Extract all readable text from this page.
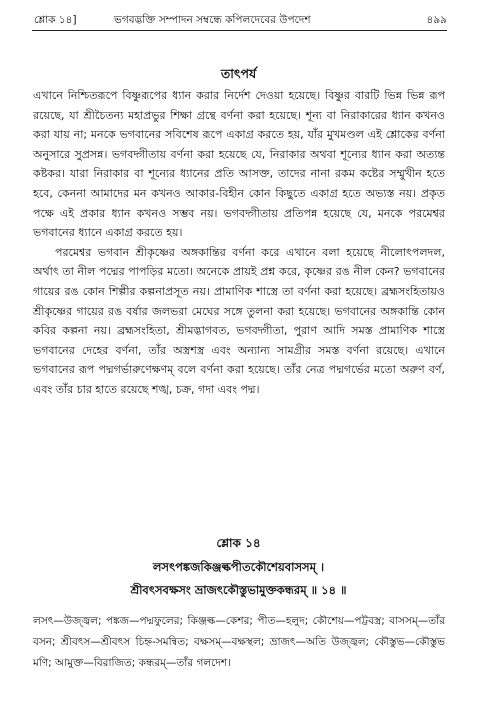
শ্লোক ১৪]	ভগবদ্ভক্তি সম্পাদন সম্বন্ধে কপিলদেবের উপদেশ	৪৯৯
তাৎপর্য

এখানে নিশ্চিতরূপে বিষ্ণুরূপের ধ্যান করার নির্দেশ দেওয়া হয়েছে। বিষ্ণুর বারটি ভিন্ন ভিন্ন রূপ রয়েছে, যা শ্রীচৈতন্য মহাপ্রভুর শিক্ষা গ্রন্থে বর্ণনা করা হয়েছে। শূন্য বা নিরাকারের ধ্যান কখনও করা যায় না; মনকে ভগবানের সবিশেষ রূপে একাগ্র করতে হয়, যাঁর মুখমণ্ডল এই শ্লোকের বর্ণনা অনুসারে সুপ্রসন্ন। ভগবদ্গীতায় বর্ণনা করা হয়েছে যে, নিরাকার অথবা শূন্যের ধ্যান করা অত্যন্ত কষ্টকর। যারা নিরাকার বা শূন্যের ধ্যানের প্রতি আসক্ত, তাদের নানা রকম কষ্টের সম্মুখীন হতে হবে, কেননা আমাদের মন কখনও আকার-বিহীন কোন কিছুতে একাগ্র হতে অভ্যস্ত নয়। প্রকৃত পক্ষে এই প্রকার ধ্যান কখনও সম্ভব নয়। ভগবদ্গীতায় প্রতিপন্ন হয়েছে যে, মনকে পরমেশ্বর ভগবানের ধ্যানে একাগ্র করতে হয়।

পরমেশ্বর ভগবান শ্রীকৃষ্ণের অঙ্গকান্তির বর্ণনা করে এখানে বলা হয়েছে নীলোৎপলদল, অর্থাৎ তা নীল পদ্মের পাপড়ির মতো। অনেকে প্রায়ই প্রশ্ন করে, কৃষ্ণের রঙ নীল কেন? ভগবানের গায়ের রঙ কোন শিল্পীর কল্পনাপ্রসূত নয়। প্রামাণিক শাস্ত্রে তা বর্ণনা করা হয়েছে। ব্রহ্মসংহিতায়ও শ্রীকৃষ্ণের গায়ের রঙ বর্ষার জলভরা মেঘের সঙ্গে তুলনা করা হয়েছে। ভগবানের অঙ্গকান্তি কোন কবির কল্পনা নয়। ব্রহ্মসংহিতা, শ্রীমদ্ভাগবত, ভগবদ্গীতা, পুরাণ আদি সমস্ত প্রামাণিক শাস্ত্রে ভগবানের দেহের বর্ণনা, তাঁর অস্ত্রশস্ত্র এবং অন্যান্য সামগ্রীর সমস্ত বর্ণনা রয়েছে। এখানে ভগবানের রূপ পদ্মগর্ভারুণেক্ষণম্ বলে বর্ণনা করা হয়েছে। তাঁর নেত্র পদ্মগর্ভের মতো অরুণ বর্ণ, এবং তাঁর চার হাতে রয়েছে শঙ্খ, চক্র, গদা এবং পদ্ম।

শ্লোক ১৪
লসৎপঙ্কজকিঞ্জল্কপীতকৌশেয়বাসসম্ ।
শ্রীবৎসবক্ষসং ভ্রাজৎকৌস্তুভামুক্তকন্ধরম্ ॥ ১৪ ॥
লসৎ—উজ্জ্বল; পঙ্কজ—পদ্মফুলের; কিঞ্জল্ক—কেশর; পীত—হলুদ; কৌশেয়—পট্টবস্ত্র; বাসসম্—তাঁর বসন; শ্রীবৎস—শ্রীবৎস চিহ্ন-সমন্বিত; বক্ষসম্—বক্ষস্থল; ভ্রাজৎ—অতি উজ্জ্বল; কৌস্তুভ—কৌস্তুভ মণি; আমুক্ত—বিরাজিত; কন্ধরম্—তাঁর গলদেশ।
